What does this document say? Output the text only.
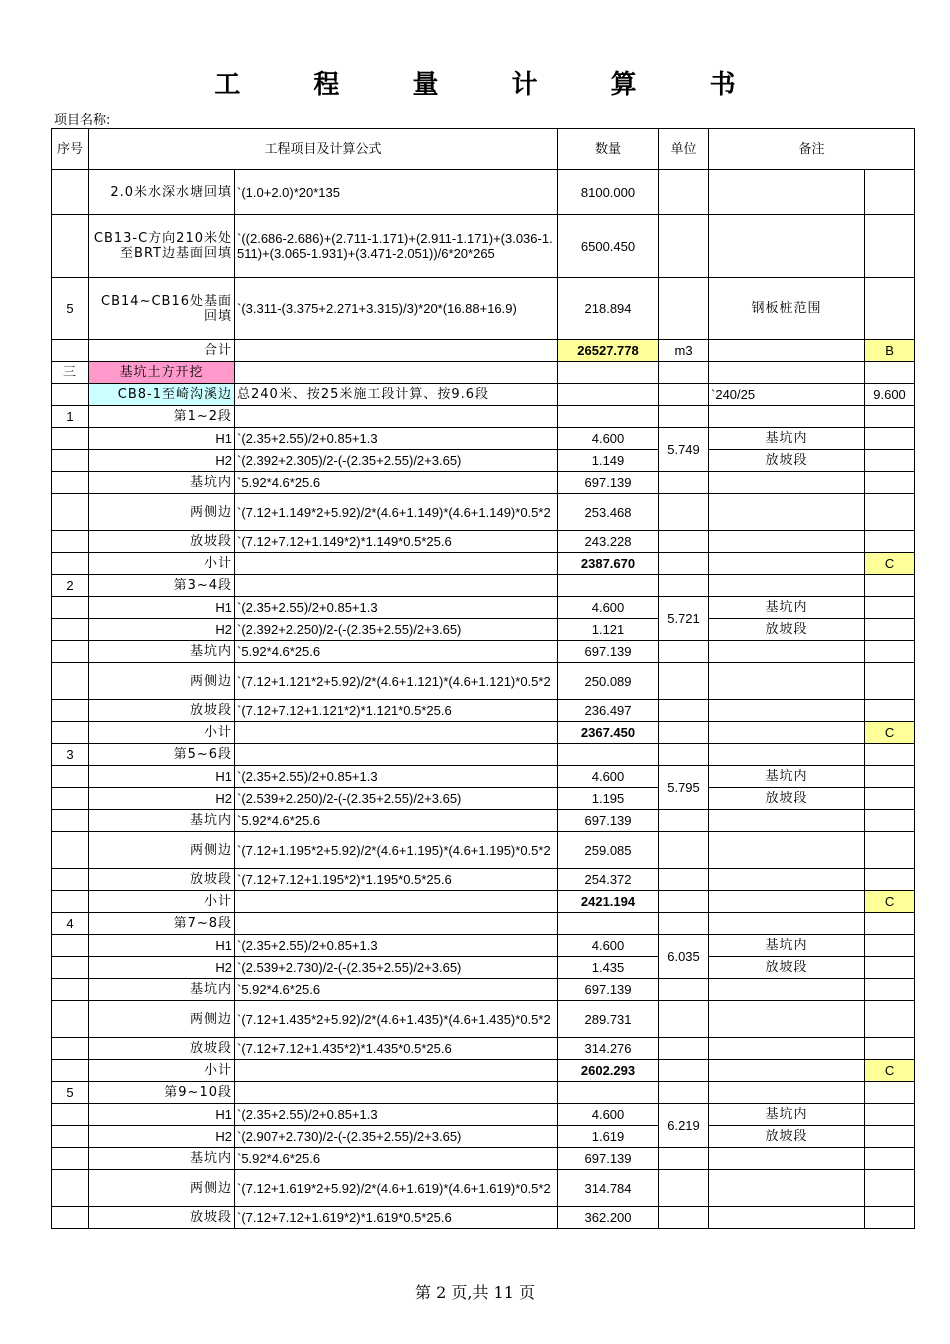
工 程 量 计 算 书
项目名称:
序号	工程项目及计算公式		数量	单位	备注	
	2.0米水深水塘回填	`(1.0+2.0)*20*135	8100.000			
	CB13-C方向210米处至BRT边基面回填	`((2.686-2.686)+(2.711-1.171)+(2.911-1.171)+(3.036-1.511)+(3.065-1.931)+(3.471-2.051))/6*20*265	6500.450			
5	CB14~CB16处基面回填	`(3.311-(3.375+2.271+3.315)/3)*20*(16.88+16.9)	218.894		钢板桩范围	
	合计		26527.778	m3		B
三	基坑土方开挖					
	CB8-1至崎沟溪边	总240米、按25米施工段计算、按9.6段			`240/25	9.600
1	第1~2段					
	H1	`(2.35+2.55)/2+0.85+1.3	4.600	5.749	基坑内	
	H2	`(2.392+2.305)/2-(-(2.35+2.55)/2+3.65)	1.149		放坡段	
	基坑内	`5.92*4.6*25.6	697.139			
	两侧边	`(7.12+1.149*2+5.92)/2*(4.6+1.149)*(4.6+1.149)*0.5*2	253.468			
	放坡段	`(7.12+7.12+1.149*2)*1.149*0.5*25.6	243.228			
	小计		2387.670			C
2	第3~4段					
	H1	`(2.35+2.55)/2+0.85+1.3	4.600	5.721	基坑内	
	H2	`(2.392+2.250)/2-(-(2.35+2.55)/2+3.65)	1.121		放坡段	
	基坑内	`5.92*4.6*25.6	697.139			
	两侧边	`(7.12+1.121*2+5.92)/2*(4.6+1.121)*(4.6+1.121)*0.5*2	250.089			
	放坡段	`(7.12+7.12+1.121*2)*1.121*0.5*25.6	236.497			
	小计		2367.450			C
3	第5~6段					
	H1	`(2.35+2.55)/2+0.85+1.3	4.600	5.795	基坑内	
	H2	`(2.539+2.250)/2-(-(2.35+2.55)/2+3.65)	1.195		放坡段	
	基坑内	`5.92*4.6*25.6	697.139			
	两侧边	`(7.12+1.195*2+5.92)/2*(4.6+1.195)*(4.6+1.195)*0.5*2	259.085			
	放坡段	`(7.12+7.12+1.195*2)*1.195*0.5*25.6	254.372			
	小计		2421.194			C
4	第7~8段					
	H1	`(2.35+2.55)/2+0.85+1.3	4.600	6.035	基坑内	
	H2	`(2.539+2.730)/2-(-(2.35+2.55)/2+3.65)	1.435		放坡段	
	基坑内	`5.92*4.6*25.6	697.139			
	两侧边	`(7.12+1.435*2+5.92)/2*(4.6+1.435)*(4.6+1.435)*0.5*2	289.731			
	放坡段	`(7.12+7.12+1.435*2)*1.435*0.5*25.6	314.276			
	小计		2602.293			C
5	第9~10段					
	H1	`(2.35+2.55)/2+0.85+1.3	4.600	6.219	基坑内	
	H2	`(2.907+2.730)/2-(-(2.35+2.55)/2+3.65)	1.619		放坡段	
	基坑内	`5.92*4.6*25.6	697.139			
	两侧边	`(7.12+1.619*2+5.92)/2*(4.6+1.619)*(4.6+1.619)*0.5*2	314.784			
	放坡段	`(7.12+7.12+1.619*2)*1.619*0.5*25.6	362.200			
第 2 页,共 11 页
